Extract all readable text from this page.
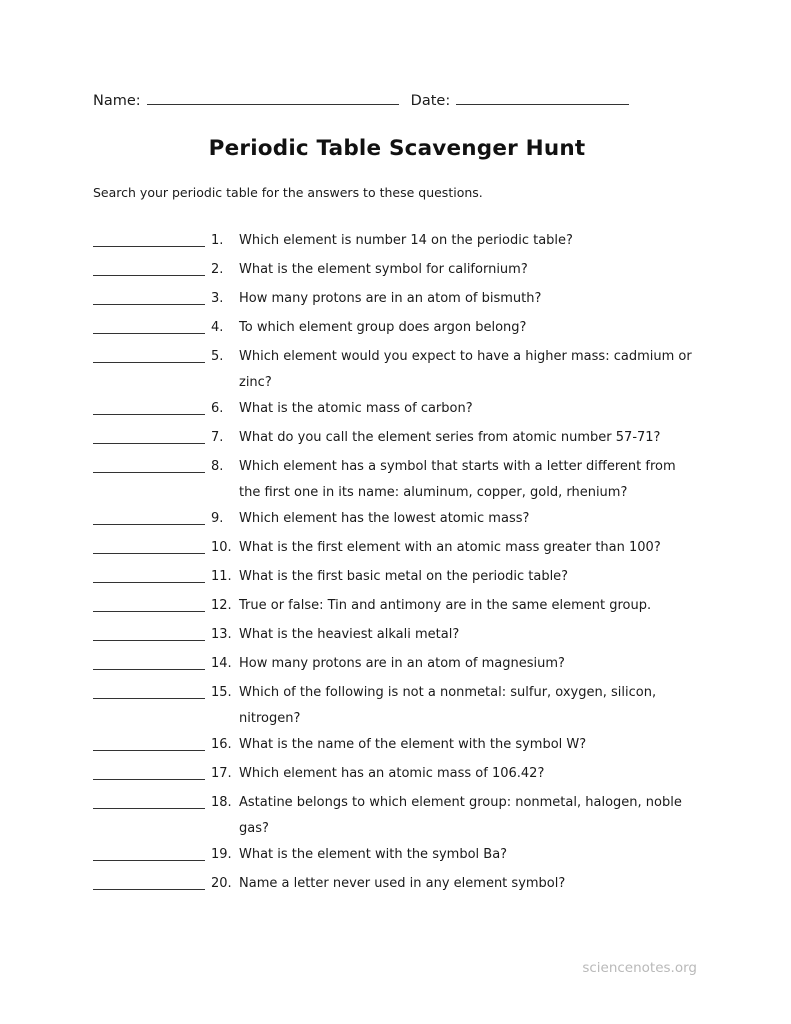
Name:	Date:
Periodic Table Scavenger Hunt

Search your periodic table for the answers to these questions.

1.	Which element is number 14 on the periodic table?
2.	What is the element symbol for californium?
3.	How many protons are in an atom of bismuth?
4.	To which element group does argon belong?
5.	Which element would you expect to have a higher mass: cadmium or zinc?
6.	What is the atomic mass of carbon?
7.	What do you call the element series from atomic number 57-71?
8.	Which element has a symbol that starts with a letter different from the first one in its name: aluminum, copper, gold, rhenium?
9.	Which element has the lowest atomic mass?
10. What is the first element with an atomic mass greater than 100?
11. What is the first basic metal on the periodic table?
12. True or false: Tin and antimony are in the same element group.
13. What is the heaviest alkali metal?
14. How many protons are in an atom of magnesium?
15. Which of the following is not a nonmetal: sulfur, oxygen, silicon, nitrogen?
16. What is the name of the element with the symbol W?
17. Which element has an atomic mass of 106.42?
18. Astatine belongs to which element group: nonmetal, halogen, noble gas?
19. What is the element with the symbol Ba?
20. Name a letter never used in any element symbol?
sciencenotes.org
